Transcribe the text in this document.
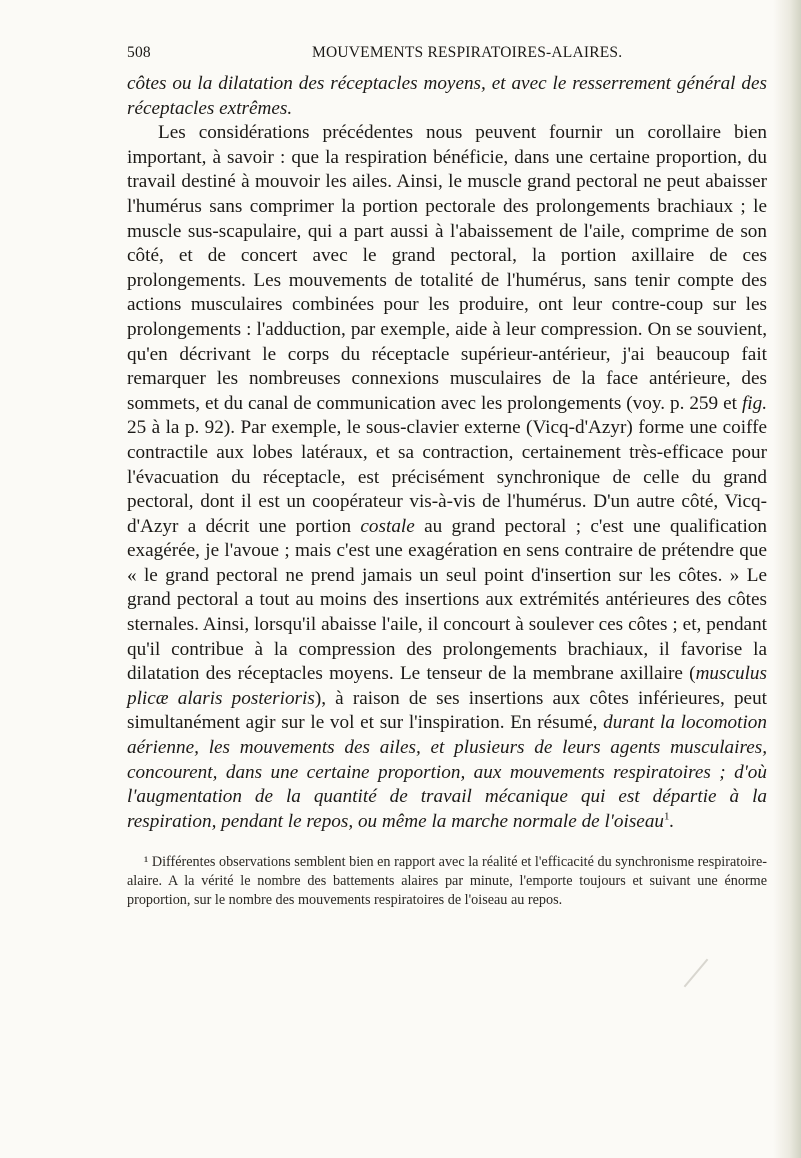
508	MOUVEMENTS RESPIRATOIRES-ALAIRES.

côtes ou la dilatation des réceptacles moyens, et avec le resserrement général des réceptacles extrêmes.

Les considérations précédentes nous peuvent fournir un corollaire bien important, à savoir : que la respiration bénéficie, dans une certaine proportion, du travail destiné à mouvoir les ailes. Ainsi, le muscle grand pectoral ne peut abaisser l'humérus sans comprimer la portion pectorale des prolongements brachiaux ; le muscle sus-scapulaire, qui a part aussi à l'abaissement de l'aile, comprime de son côté, et de concert avec le grand pectoral, la portion axillaire de ces prolongements. Les mouvements de totalité de l'humérus, sans tenir compte des actions musculaires combinées pour les produire, ont leur contre-coup sur les prolongements : l'adduction, par exemple, aide à leur compression. On se souvient, qu'en décrivant le corps du réceptacle supérieur-antérieur, j'ai beaucoup fait remarquer les nombreuses connexions musculaires de la face antérieure, des sommets, et du canal de communication avec les prolongements (voy. p. 259 et fig. 25 à la p. 92). Par exemple, le sous-clavier externe (Vicq-d'Azyr) forme une coiffe contractile aux lobes latéraux, et sa contraction, certainement très-efficace pour l'évacuation du réceptacle, est précisément synchronique de celle du grand pectoral, dont il est un coopérateur vis-à-vis de l'humérus. D'un autre côté, Vicq-d'Azyr a décrit une portion costale au grand pectoral ; c'est une qualification exagérée, je l'avoue ; mais c'est une exagération en sens contraire de prétendre que « le grand pectoral ne prend jamais un seul point d'insertion sur les côtes. » Le grand pectoral a tout au moins des insertions aux extrémités antérieures des côtes sternales. Ainsi, lorsqu'il abaisse l'aile, il concourt à soulever ces côtes ; et, pendant qu'il contribue à la compression des prolongements brachiaux, il favorise la dilatation des réceptacles moyens. Le tenseur de la membrane axillaire (musculus plicæ alaris posterioris), à raison de ses insertions aux côtes inférieures, peut simultanément agir sur le vol et sur l'inspiration. En résumé, durant la locomotion aérienne, les mouvements des ailes, et plusieurs de leurs agents musculaires, concourent, dans une certaine proportion, aux mouvements respiratoires ; d'où l'augmentation de la quantité de travail mécanique qui est départie à la respiration, pendant le repos, ou même la marche normale de l'oiseau$^1$.

¹ Différentes observations semblent bien en rapport avec la réalité et l'efficacité du synchronisme respiratoire-alaire. A la vérité le nombre des battements alaires par minute, l'emporte toujours et suivant une énorme proportion, sur le nombre des mouvements respiratoires de l'oiseau au repos.
